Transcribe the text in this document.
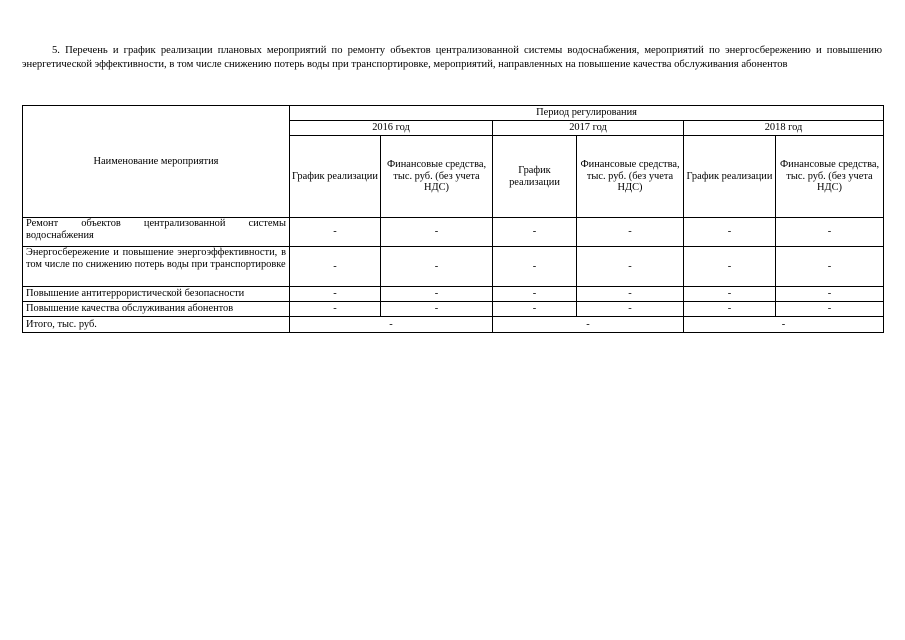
5. Перечень и график реализации плановых мероприятий по ремонту объектов централизованной системы водоснабжения, мероприятий по энергосбережению и повышению энергетической эффективности, в том числе снижению потерь воды при транспортировке, мероприятий, направленных на повышение качества обслуживания абонентов
Наименование мероприятия	Период регулирования					
	2016 год		2017 год		2018 год	
	График реализации	Финансовые средства, тыс. руб. (без учета НДС)	График реализации	Финансовые средства, тыс. руб. (без учета НДС)	График реализации	Финансовые средства, тыс. руб. (без учета НДС)
Ремонт объектов централизованной системы водоснабжения	-	-	-	-	-	-
Энергосбережение и повышение энергоэффективности, в том числе по снижению потерь воды при транспортировке	-	-	-	-	-	-
Повышение антитеррористической безопасности	-	-	-	-	-	-
Повышение качества обслуживания абонентов	-	-	-	-	-	-
Итого, тыс. руб.	-		-		-	
